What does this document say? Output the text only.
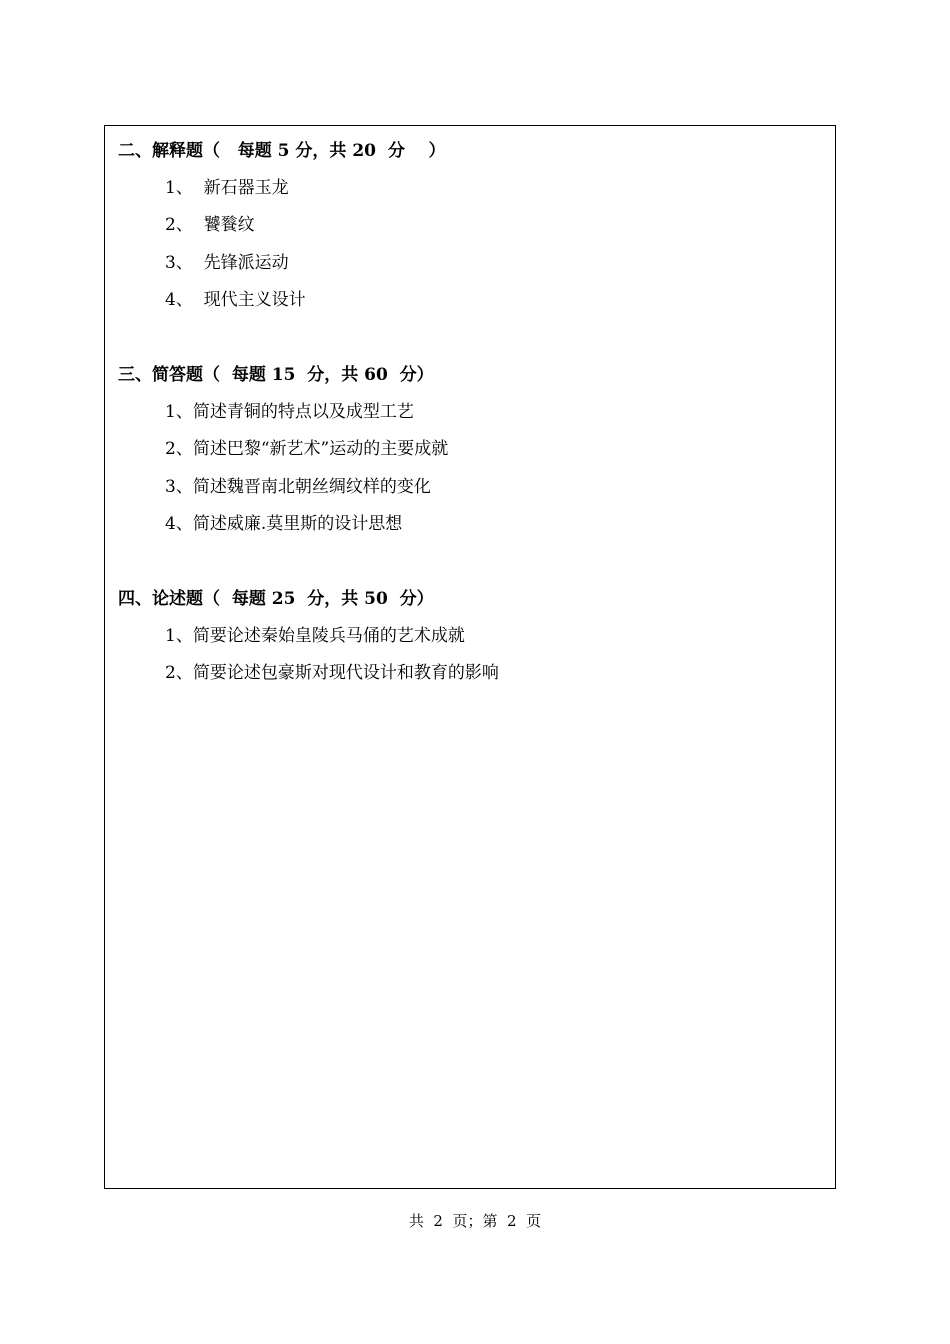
二、解释题（   每题 5 分，共 20  分    ）
1、  新石器玉龙
2、  饕餮纹
3、  先锋派运动
4、  现代主义设计
三、简答题（  每题 15  分，共 60  分）
1、简述青铜的特点以及成型工艺
2、简述巴黎“新艺术”运动的主要成就
3、简述魏晋南北朝丝绸纹样的变化
4、简述威廉.莫里斯的设计思想
四、论述题（  每题 25  分，共 50  分）
1、简要论述秦始皇陵兵马俑的艺术成就
2、简要论述包豪斯对现代设计和教育的影响
共  2  页；第  2  页
